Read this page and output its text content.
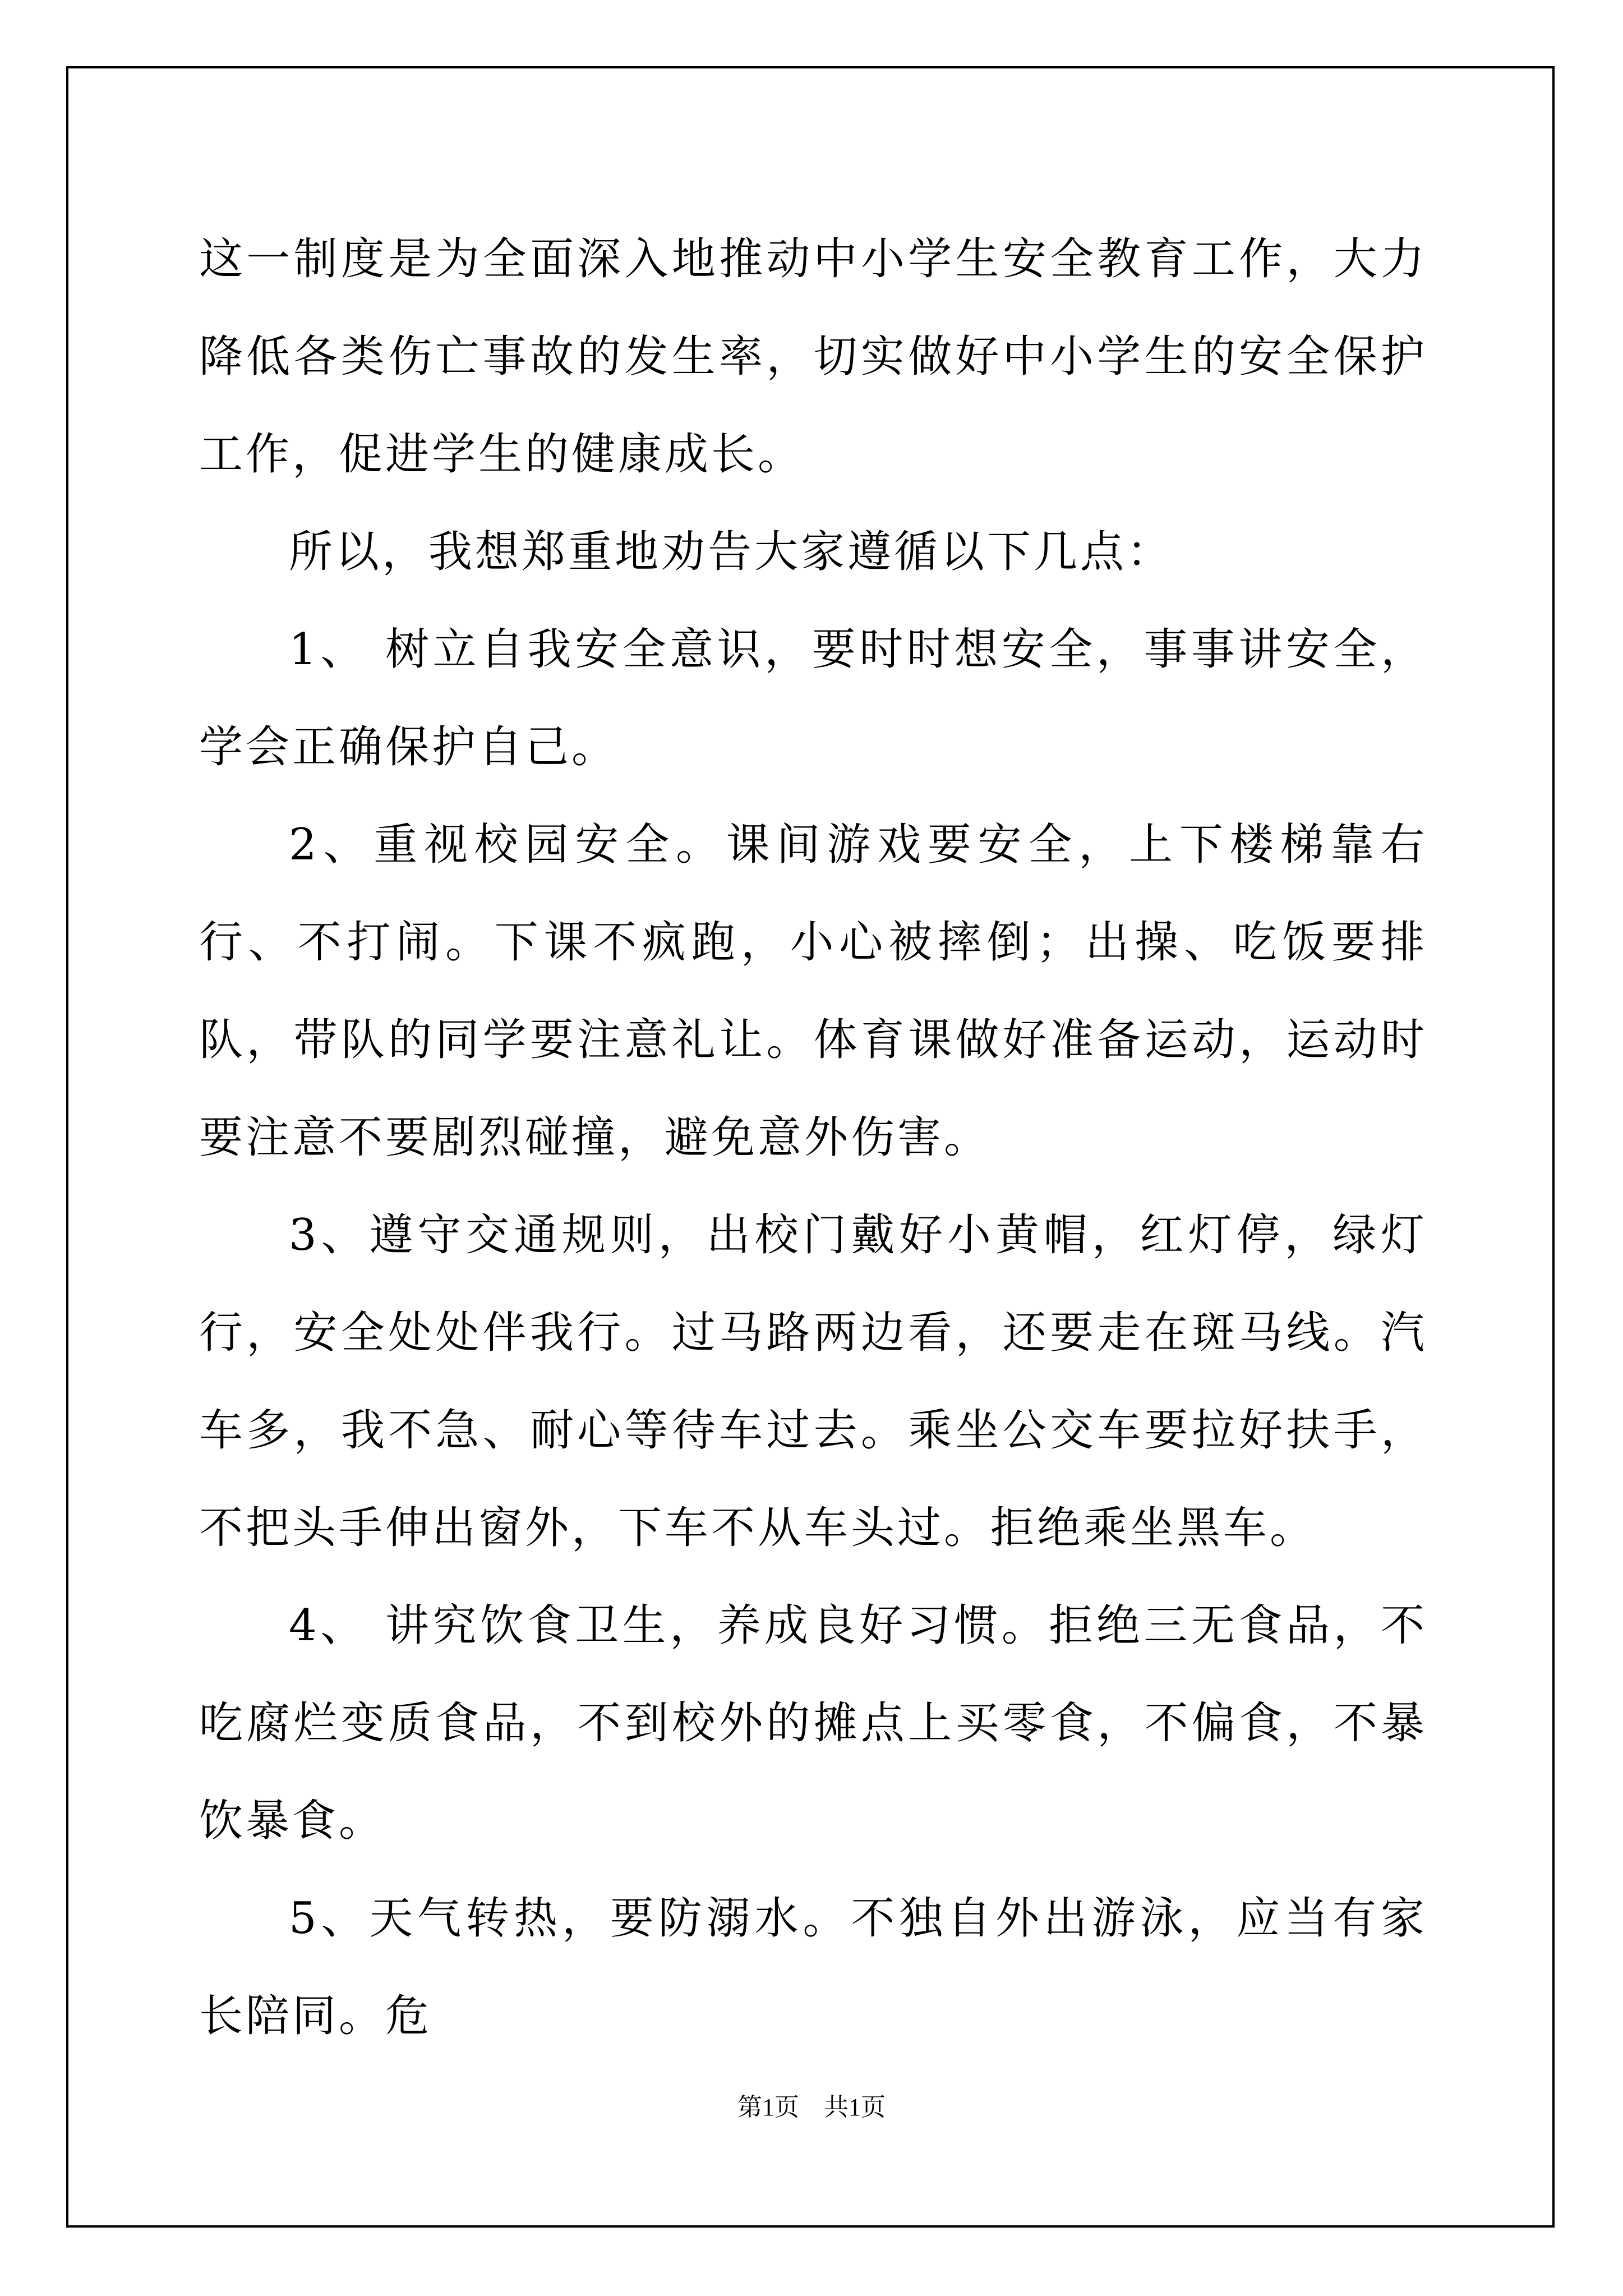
这一制度是为全面深入地推动中小学生安全教育工作，大力降低各类伤亡事故的发生率，切实做好中小学生的安全保护工作，促进学生的健康成长。

所以，我想郑重地劝告大家遵循以下几点：

1、 树立自我安全意识，要时时想安全，事事讲安全，学会正确保护自己。

2、重视校园安全。课间游戏要安全，上下楼梯靠右行、不打闹。下课不疯跑，小心被摔倒；出操、吃饭要排队，带队的同学要注意礼让。体育课做好准备运动，运动时要注意不要剧烈碰撞，避免意外伤害。

3、遵守交通规则，出校门戴好小黄帽，红灯停，绿灯行，安全处处伴我行。过马路两边看，还要走在斑马线。汽车多，我不急、耐心等待车过去。乘坐公交车要拉好扶手，不把头手伸出窗外，下车不从车头过。拒绝乘坐黑车。

4、 讲究饮食卫生，养成良好习惯。拒绝三无食品，不吃腐烂变质食品，不到校外的摊点上买零食，不偏食，不暴饮暴食。

5、天气转热，要防溺水。不独自外出游泳，应当有家长陪同。危

第1页　共1页
